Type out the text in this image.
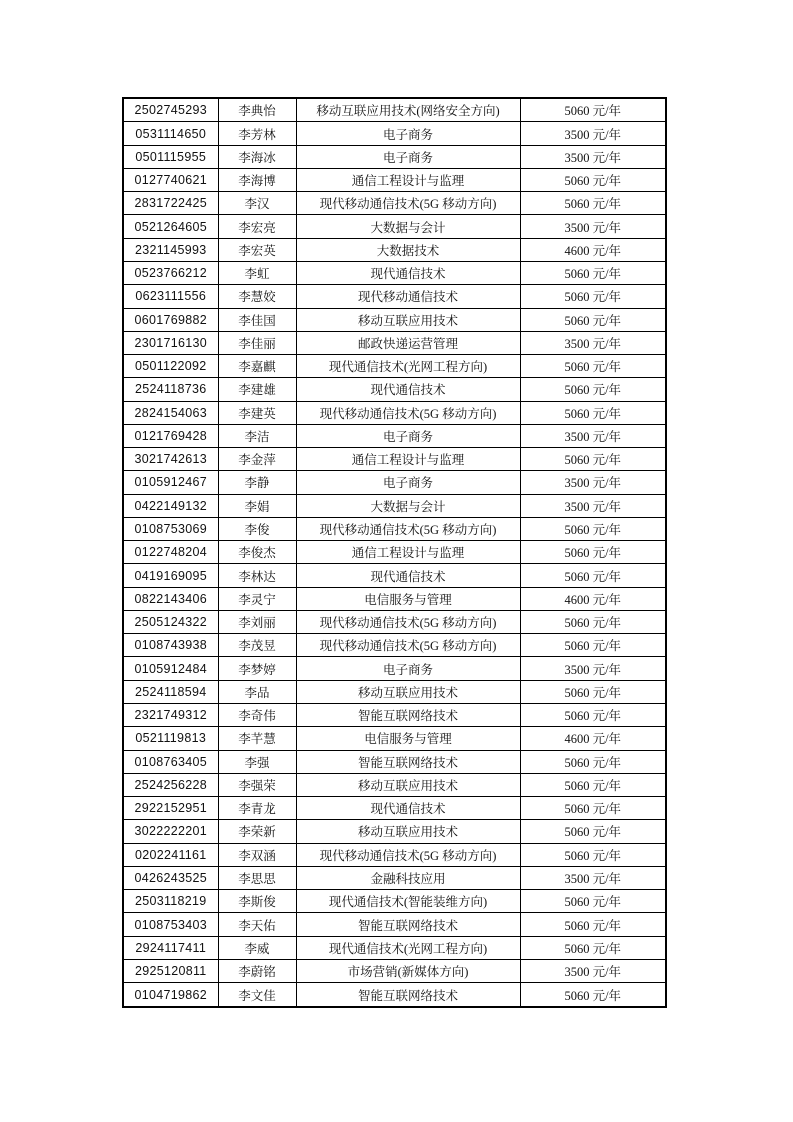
2502745293	李典怡	移动互联应用技术(网络安全方向)	5060 元/年
0531114650	李芳林	电子商务	3500 元/年
0501115955	李海冰	电子商务	3500 元/年
0127740621	李海博	通信工程设计与监理	5060 元/年
2831722425	李汉	现代移动通信技术(5G 移动方向)	5060 元/年
0521264605	李宏亮	大数据与会计	3500 元/年
2321145993	李宏英	大数据技术	4600 元/年
0523766212	李虹	现代通信技术	5060 元/年
0623111556	李慧姣	现代移动通信技术	5060 元/年
0601769882	李佳国	移动互联应用技术	5060 元/年
2301716130	李佳丽	邮政快递运营管理	3500 元/年
0501122092	李嘉麒	现代通信技术(光网工程方向)	5060 元/年
2524118736	李建雄	现代通信技术	5060 元/年
2824154063	李建英	现代移动通信技术(5G 移动方向)	5060 元/年
0121769428	李洁	电子商务	3500 元/年
3021742613	李金萍	通信工程设计与监理	5060 元/年
0105912467	李静	电子商务	3500 元/年
0422149132	李娟	大数据与会计	3500 元/年
0108753069	李俊	现代移动通信技术(5G 移动方向)	5060 元/年
0122748204	李俊杰	通信工程设计与监理	5060 元/年
0419169095	李林达	现代通信技术	5060 元/年
0822143406	李灵宁	电信服务与管理	4600 元/年
2505124322	李刘丽	现代移动通信技术(5G 移动方向)	5060 元/年
0108743938	李茂昱	现代移动通信技术(5G 移动方向)	5060 元/年
0105912484	李梦婷	电子商务	3500 元/年
2524118594	李品	移动互联应用技术	5060 元/年
2321749312	李奇伟	智能互联网络技术	5060 元/年
0521119813	李芊慧	电信服务与管理	4600 元/年
0108763405	李强	智能互联网络技术	5060 元/年
2524256228	李强荣	移动互联应用技术	5060 元/年
2922152951	李青龙	现代通信技术	5060 元/年
3022222201	李荣新	移动互联应用技术	5060 元/年
0202241161	李双涵	现代移动通信技术(5G 移动方向)	5060 元/年
0426243525	李思思	金融科技应用	3500 元/年
2503118219	李斯俊	现代通信技术(智能装维方向)	5060 元/年
0108753403	李天佑	智能互联网络技术	5060 元/年
2924117411	李威	现代通信技术(光网工程方向)	5060 元/年
2925120811	李蔚铭	市场营销(新媒体方向)	3500 元/年
0104719862	李文佳	智能互联网络技术	5060 元/年
